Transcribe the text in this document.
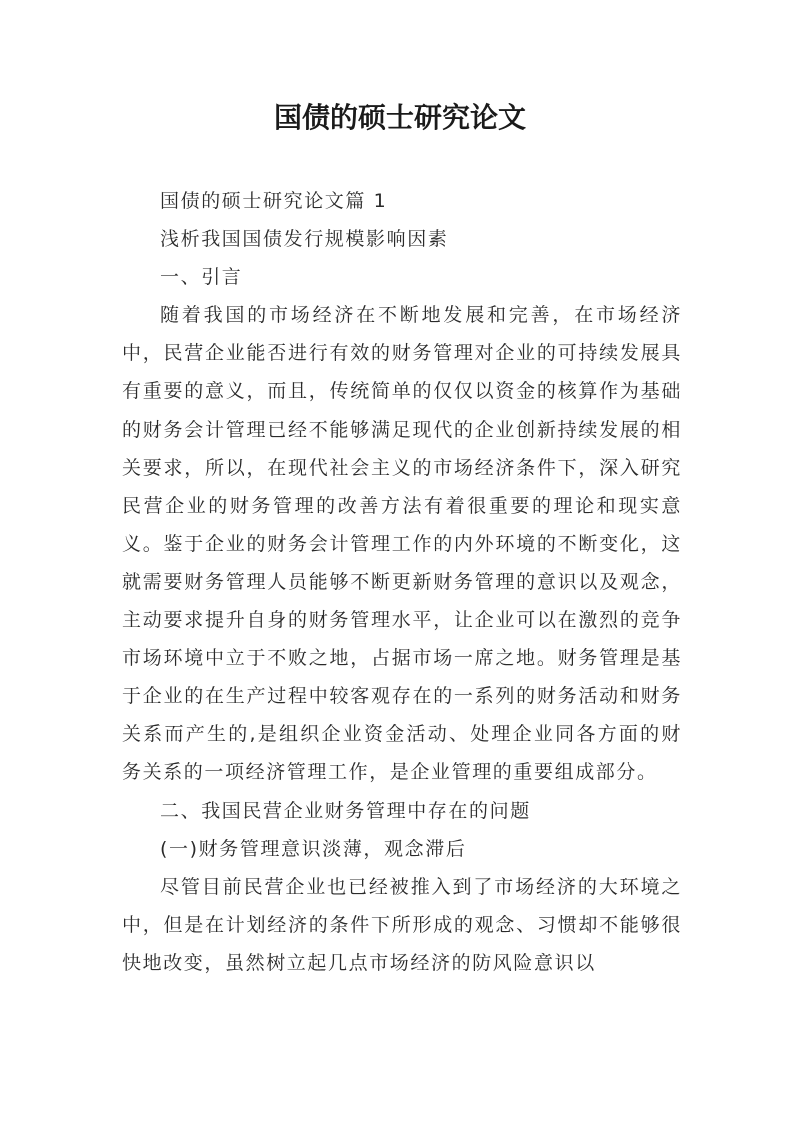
国债的硕士研究论文

国债的硕士研究论文篇 1

浅析我国国债发行规模影响因素

一、引言

随着我国的市场经济在不断地发展和完善，在市场经济中，民营企业能否进行有效的财务管理对企业的可持续发展具有重要的意义，而且，传统简单的仅仅以资金的核算作为基础的财务会计管理已经不能够满足现代的企业创新持续发展的相关要求，所以，在现代社会主义的市场经济条件下，深入研究民营企业的财务管理的改善方法有着很重要的理论和现实意义。鉴于企业的财务会计管理工作的内外环境的不断变化，这就需要财务管理人员能够不断更新财务管理的意识以及观念，主动要求提升自身的财务管理水平，让企业可以在激烈的竞争市场环境中立于不败之地，占据市场一席之地。财务管理是基于企业的在生产过程中较客观存在的一系列的财务活动和财务关系而产生的,是组织企业资金活动、处理企业同各方面的财务关系的一项经济管理工作，是企业管理的重要组成部分。

二、我国民营企业财务管理中存在的问题

(一)财务管理意识淡薄，观念滞后

尽管目前民营企业也已经被推入到了市场经济的大环境之中，但是在计划经济的条件下所形成的观念、习惯却不能够很快地改变，虽然树立起几点市场经济的防风险意识以
